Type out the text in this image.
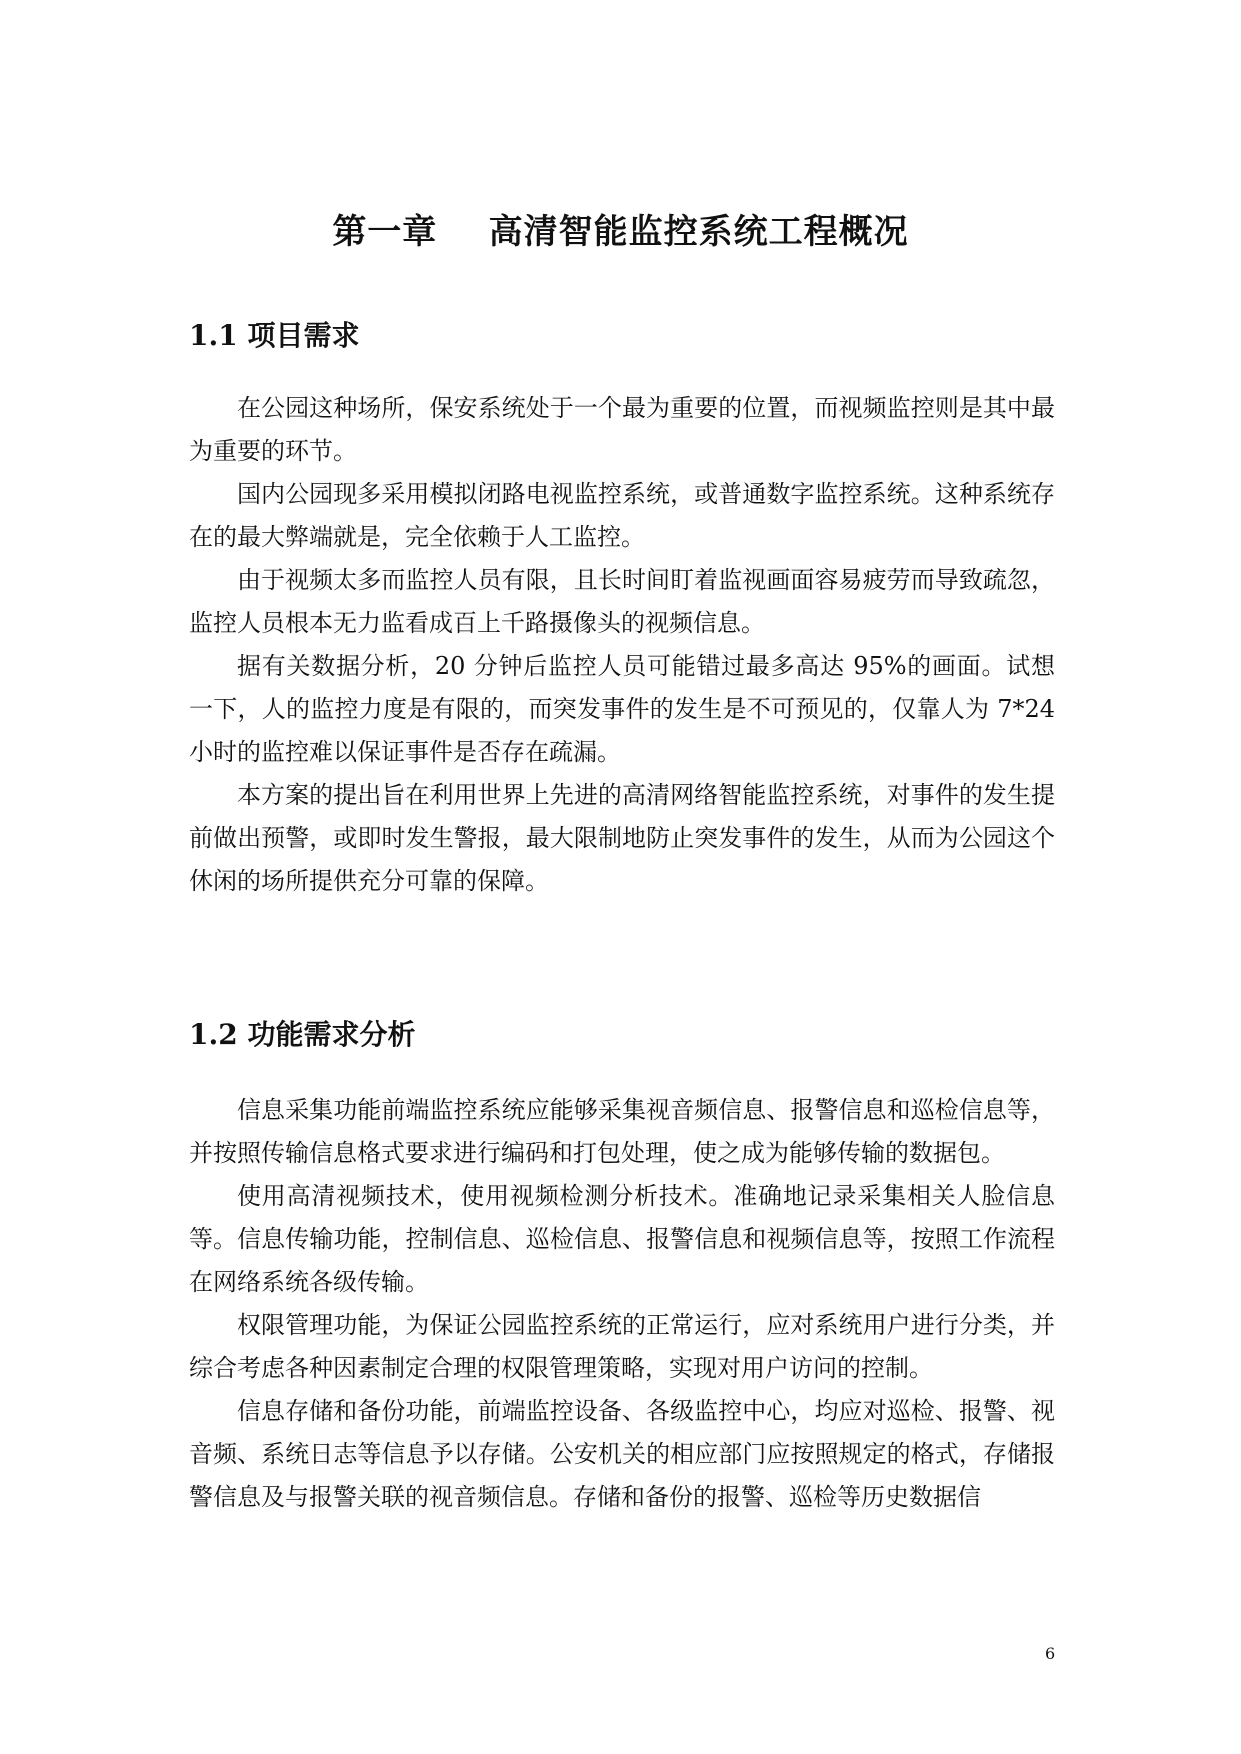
第一章    高清智能监控系统工程概况
1.1 项目需求

在公园这种场所，保安系统处于一个最为重要的位置，而视频监控则是其中最为重要的环节。

国内公园现多采用模拟闭路电视监控系统，或普通数字监控系统。这种系统存在的最大弊端就是，完全依赖于人工监控。

由于视频太多而监控人员有限，且长时间盯着监视画面容易疲劳而导致疏忽，监控人员根本无力监看成百上千路摄像头的视频信息。

据有关数据分析，20 分钟后监控人员可能错过最多高达 95%的画面。试想一下，人的监控力度是有限的，而突发事件的发生是不可预见的，仅靠人为 7*24 小时的监控难以保证事件是否存在疏漏。

本方案的提出旨在利用世界上先进的高清网络智能监控系统，对事件的发生提前做出预警，或即时发生警报，最大限制地防止突发事件的发生，从而为公园这个休闲的场所提供充分可靠的保障。

1.2 功能需求分析

信息采集功能前端监控系统应能够采集视音频信息、报警信息和巡检信息等，并按照传输信息格式要求进行编码和打包处理，使之成为能够传输的数据包。

使用高清视频技术，使用视频检测分析技术。准确地记录采集相关人脸信息等。信息传输功能，控制信息、巡检信息、报警信息和视频信息等，按照工作流程在网络系统各级传输。

权限管理功能，为保证公园监控系统的正常运行，应对系统用户进行分类，并综合考虑各种因素制定合理的权限管理策略，实现对用户访问的控制。

信息存储和备份功能，前端监控设备、各级监控中心，均应对巡检、报警、视音频、系统日志等信息予以存储。公安机关的相应部门应按照规定的格式，存储报警信息及与报警关联的视音频信息。存储和备份的报警、巡检等历史数据信

6
